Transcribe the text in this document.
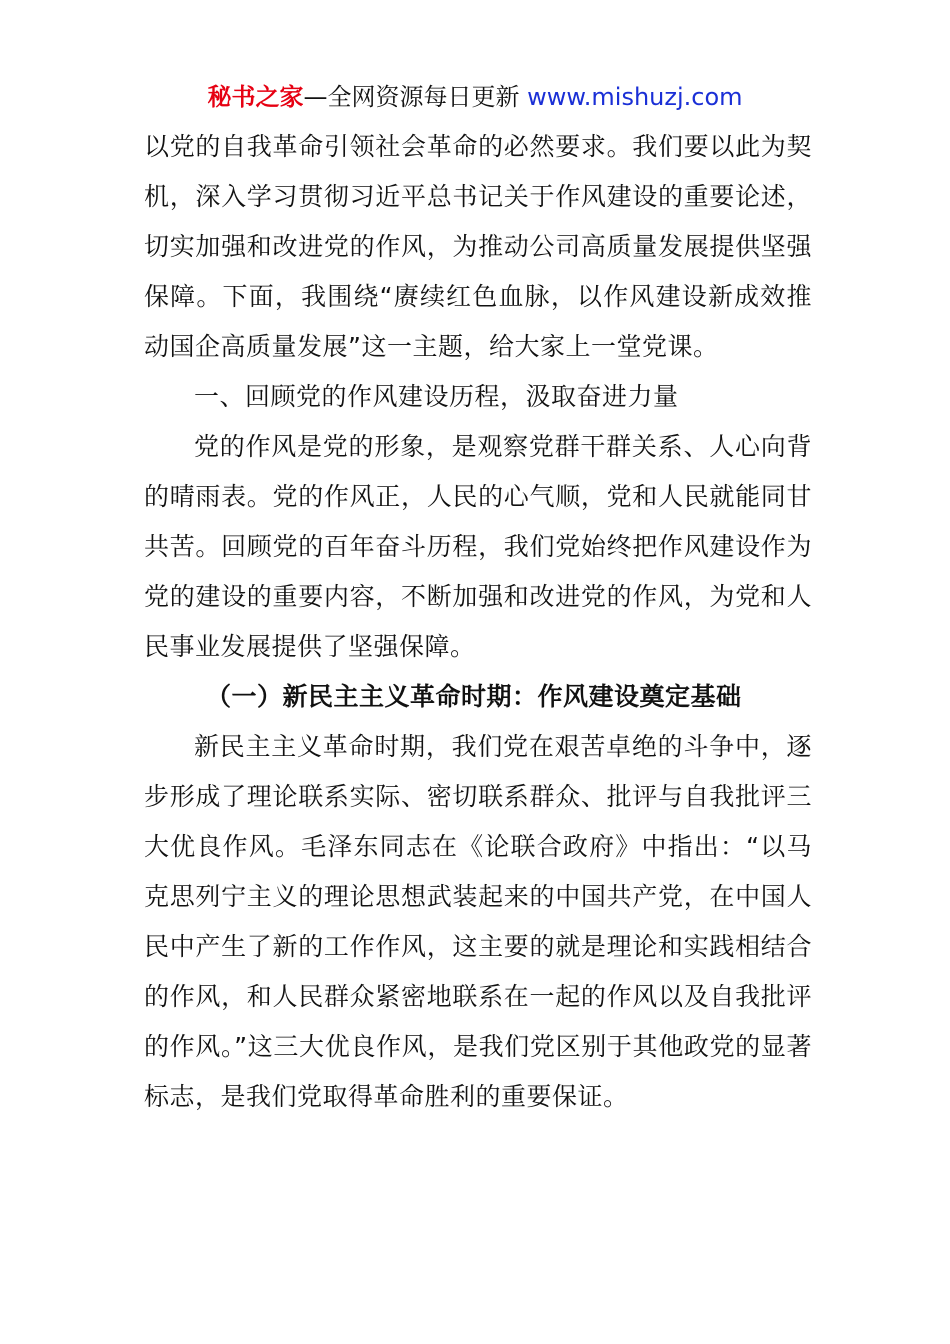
秘书之家—全网资源每日更新 www.mishuzj.com

以党的自我革命引领社会革命的必然要求。我们要以此为契机，深入学习贯彻习近平总书记关于作风建设的重要论述，切实加强和改进党的作风，为推动公司高质量发展提供坚强保障。下面，我围绕“赓续红色血脉，以作风建设新成效推动国企高质量发展”这一主题，给大家上一堂党课。

一、回顾党的作风建设历程，汲取奋进力量

党的作风是党的形象，是观察党群干群关系、人心向背的晴雨表。党的作风正，人民的心气顺，党和人民就能同甘共苦。回顾党的百年奋斗历程，我们党始终把作风建设作为党的建设的重要内容，不断加强和改进党的作风，为党和人民事业发展提供了坚强保障。

（一）新民主主义革命时期：作风建设奠定基础

新民主主义革命时期，我们党在艰苦卓绝的斗争中，逐步形成了理论联系实际、密切联系群众、批评与自我批评三大优良作风。毛泽东同志在《论联合政府》中指出：“以马克思列宁主义的理论思想武装起来的中国共产党，在中国人民中产生了新的工作作风，这主要的就是理论和实践相结合的作风，和人民群众紧密地联系在一起的作风以及自我批评的作风。”这三大优良作风，是我们党区别于其他政党的显著标志，是我们党取得革命胜利的重要保证。
